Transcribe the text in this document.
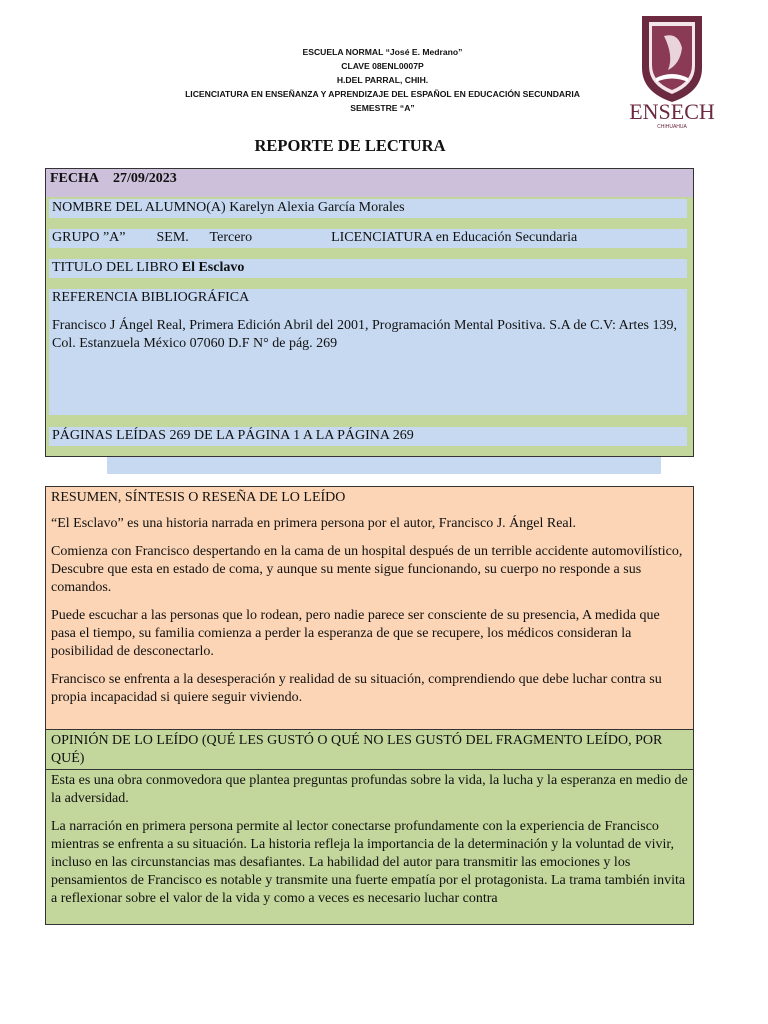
ESCUELA NORMAL “José E. Medrano”
CLAVE 08ENL0007P
H.DEL PARRAL, CHIH.
LICENCIATURA EN ENSEÑANZA Y APRENDIZAJE DEL ESPAÑOL EN EDUCACIÓN SECUNDARIA
SEMESTRE “A”	ENSECH
CHIHUAHUA
REPORTE DE LECTURA
FECHA 27/09/2023
NOMBRE DEL ALUMNO(A) Karelyn Alexia García Morales
GRUPO ”A” SEM. Tercero	LICENCIATURA en Educación Secundaria
TITULO DEL LIBRO El Esclavo
REFERENCIA BIBLIOGRÁFICA
Francisco J Ángel Real, Primera Edición Abril del 2001, Programación Mental Positiva. S.A de C.V: Artes 139, Col. Estanzuela México 07060 D.F N° de pág. 269
PÁGINAS LEÍDAS 269 DE LA PÁGINA 1 A LA PÁGINA 269

RESUMEN, SÍNTESIS O RESEÑA DE LO LEÍDO

“El Esclavo” es una historia narrada en primera persona por el autor, Francisco J. Ángel Real.

Comienza con Francisco despertando en la cama de un hospital después de un terrible accidente automovilístico, Descubre que esta en estado de coma, y aunque su mente sigue funcionando, su cuerpo no responde a sus comandos.

Puede escuchar a las personas que lo rodean, pero nadie parece ser consciente de su presencia, A medida que pasa el tiempo, su familia comienza a perder la esperanza de que se recupere, los médicos consideran la posibilidad de desconectarlo.

Francisco se enfrenta a la desesperación y realidad de su situación, comprendiendo que debe luchar contra su propia incapacidad si quiere seguir viviendo.

OPINIÓN DE LO LEÍDO (QUÉ LES GUSTÓ O QUÉ NO LES GUSTÓ DEL FRAGMENTO LEÍDO, POR QUÉ)

Esta es una obra conmovedora que plantea preguntas profundas sobre la vida, la lucha y la esperanza en medio de la adversidad.

La narración en primera persona permite al lector conectarse profundamente con la experiencia de Francisco mientras se enfrenta a su situación. La historia refleja la importancia de la determinación y la voluntad de vivir, incluso en las circunstancias mas desafiantes. La habilidad del autor para transmitir las emociones y los pensamientos de Francisco es notable y transmite una fuerte empatía por el protagonista. La trama también invita a reflexionar sobre el valor de la vida y como a veces es necesario luchar contra
